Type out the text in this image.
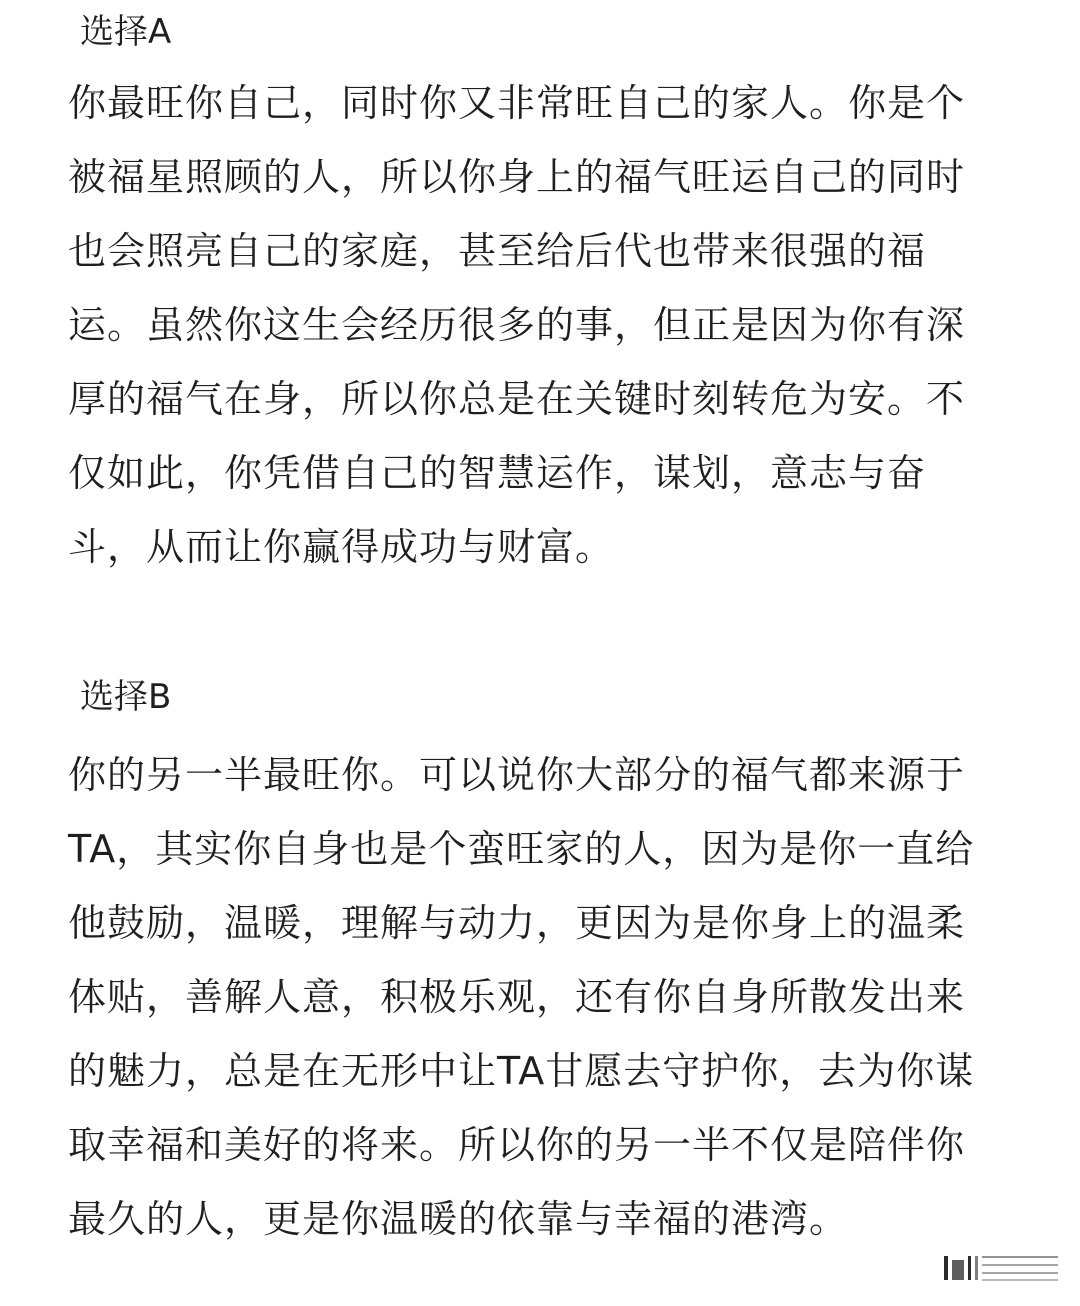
选择A
你最旺你自己，同时你又非常旺自己的家人。你是个
被福星照顾的人，所以你身上的福气旺运自己的同时
也会照亮自己的家庭，甚至给后代也带来很强的福
运。虽然你这生会经历很多的事，但正是因为你有深
厚的福气在身，所以你总是在关键时刻转危为安。不
仅如此，你凭借自己的智慧运作，谋划，意志与奋
斗，从而让你赢得成功与财富。
选择B
你的另一半最旺你。可以说你大部分的福气都来源于
TA，其实你自身也是个蛮旺家的人，因为是你一直给
他鼓励，温暖，理解与动力，更因为是你身上的温柔
体贴，善解人意，积极乐观，还有你自身所散发出来
的魅力，总是在无形中让TA甘愿去守护你，去为你谋
取幸福和美好的将来。所以你的另一半不仅是陪伴你
最久的人，更是你温暖的依靠与幸福的港湾。
